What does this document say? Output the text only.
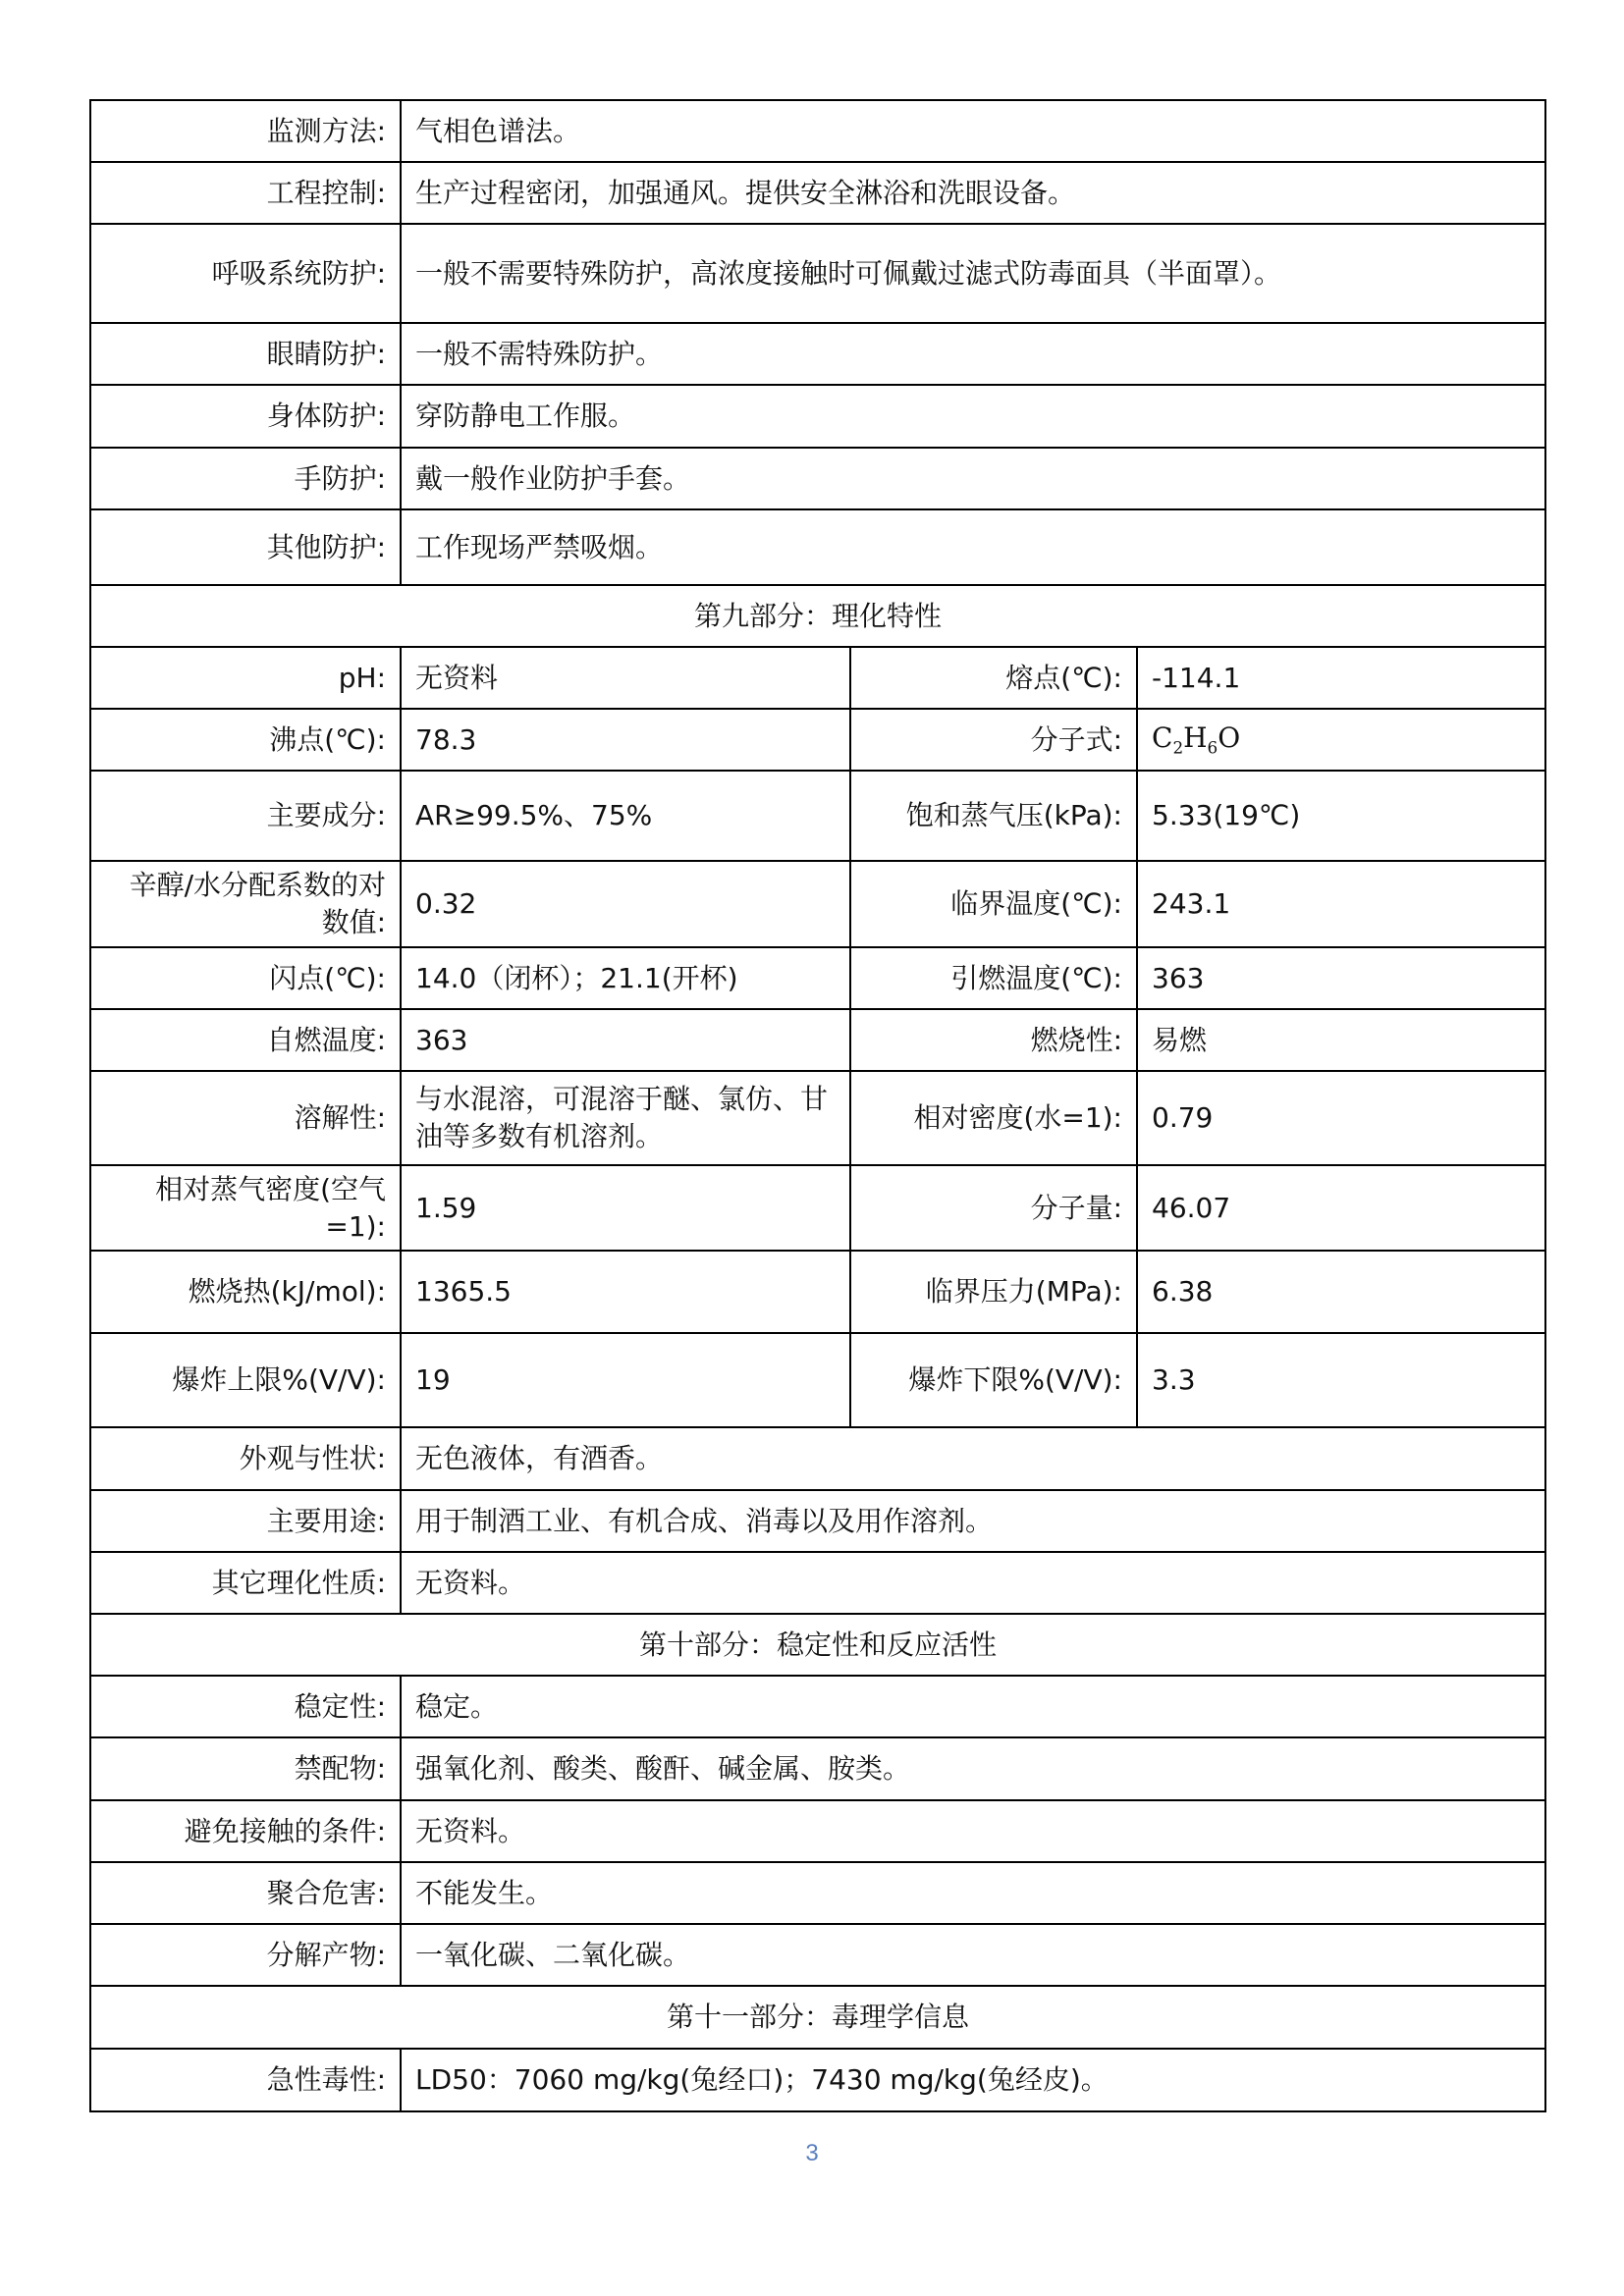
监测方法:	气相色谱法。		
工程控制:	生产过程密闭，加强通风。提供安全淋浴和洗眼设备。		
呼吸系统防护:	一般不需要特殊防护，高浓度接触时可佩戴过滤式防毒面具（半面罩）。		
眼睛防护:	一般不需特殊防护。		
身体防护:	穿防静电工作服。		
手防护:	戴一般作业防护手套。		
其他防护:	工作现场严禁吸烟。		
第九部分：理化特性			
pH:	无资料	熔点(℃):	-114.1
沸点(℃):	78.3	分子式:	$C_2H_6O$
主要成分:	AR≥99.5%、75%	饱和蒸气压(kPa):	5.33(19℃)
辛醇/水分配系数的对数值:	0.32	临界温度(℃):	243.1
闪点(℃):	14.0（闭杯）；21.1(开杯)	引燃温度(℃):	363
自燃温度:	363	燃烧性:	易燃
溶解性:	与水混溶，可混溶于醚、氯仿、甘油等多数有机溶剂。	相对密度(水=1):	0.79
相对蒸气密度(空气=1):	1.59	分子量:	46.07
燃烧热(kJ/mol):	1365.5	临界压力(MPa):	6.38
爆炸上限%(V/V):	19	爆炸下限%(V/V):	3.3
外观与性状:	无色液体，有酒香。		
主要用途:	用于制酒工业、有机合成、消毒以及用作溶剂。		
其它理化性质:	无资料。		
第十部分：稳定性和反应活性			
稳定性:	稳定。		
禁配物:	强氧化剂、酸类、酸酐、碱金属、胺类。		
避免接触的条件:	无资料。		
聚合危害:	不能发生。		
分解产物:	一氧化碳、二氧化碳。		
第十一部分：毒理学信息			
急性毒性:	LD50：7060 mg/kg(兔经口)；7430 mg/kg(兔经皮)。		
3
